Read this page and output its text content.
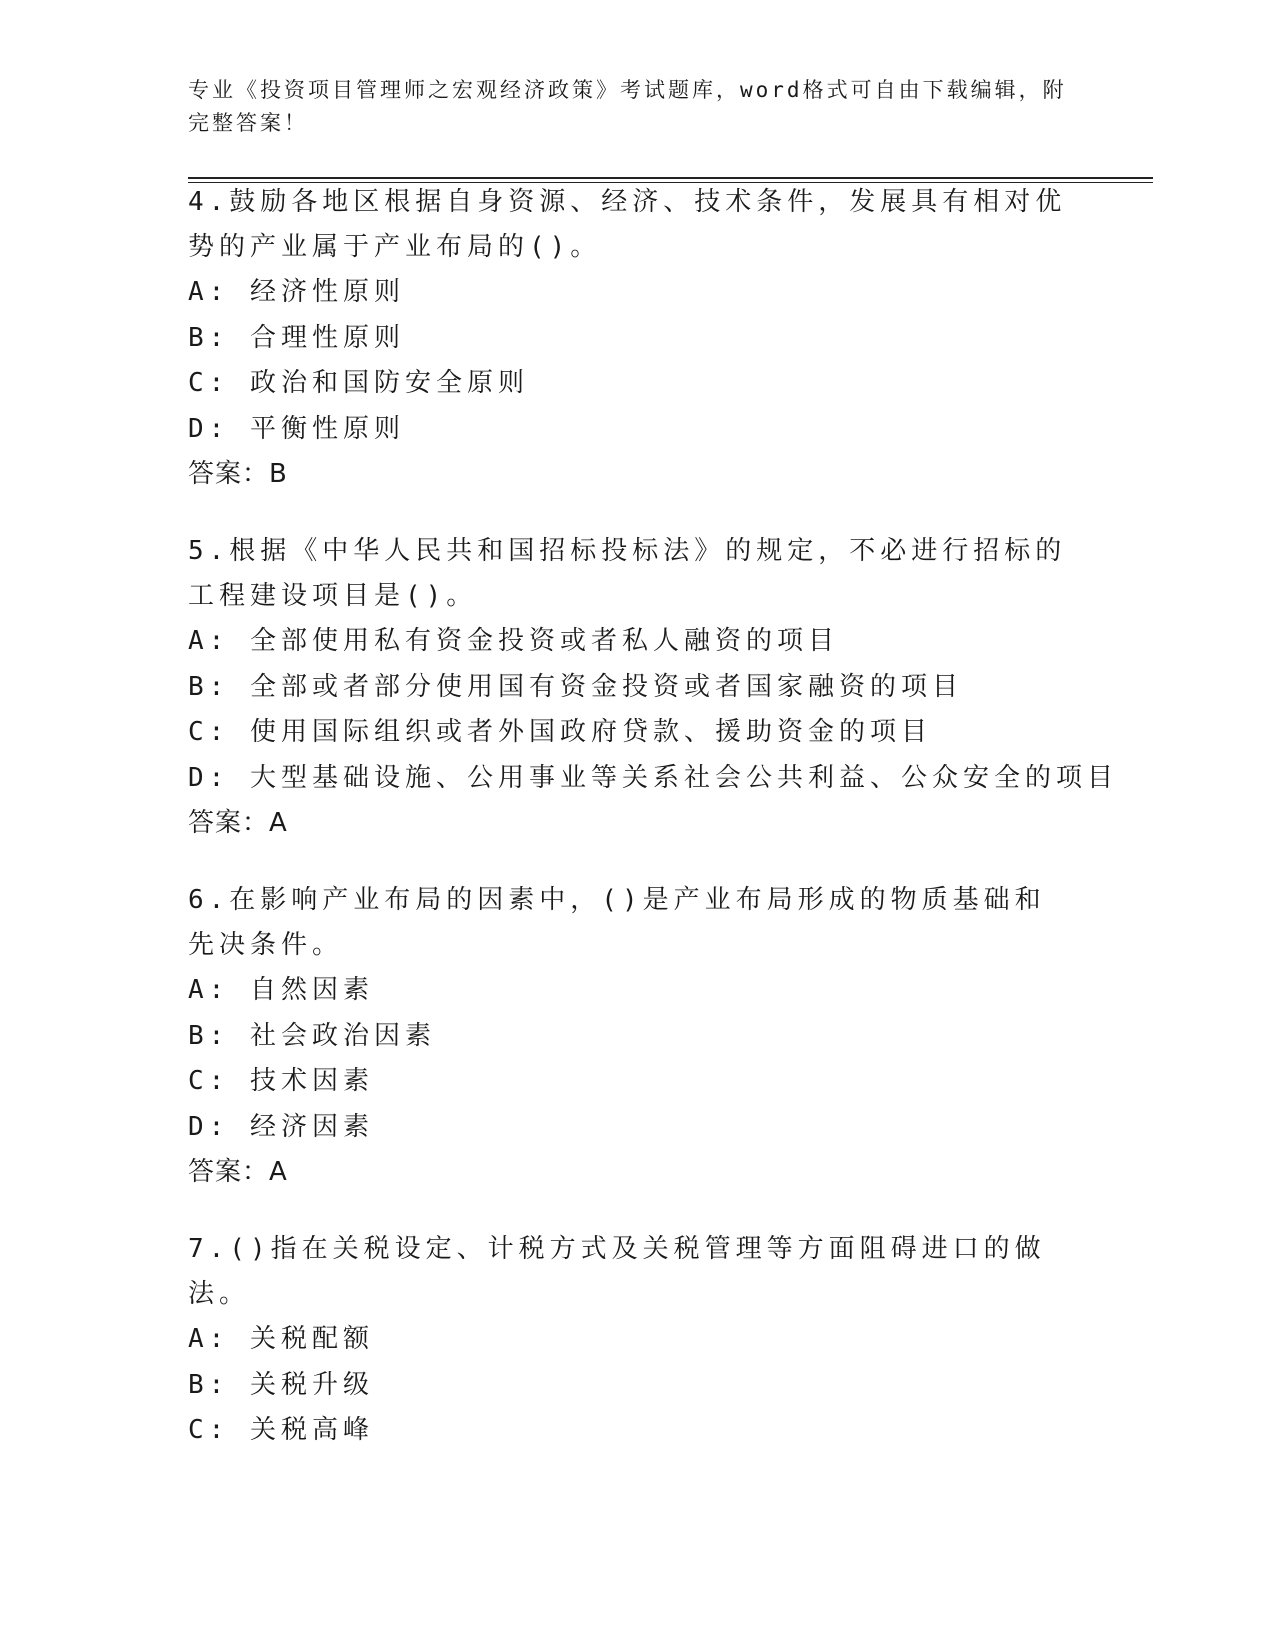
专业《投资项目管理师之宏观经济政策》考试题库，word格式可自由下载编辑，附完整答案！
4.鼓励各地区根据自身资源、经济、技术条件，发展具有相对优势的产业属于产业布局的()。
A: 经济性原则
B: 合理性原则
C: 政治和国防安全原则
D: 平衡性原则
答案：B
5.根据《中华人民共和国招标投标法》的规定，不必进行招标的工程建设项目是()。
A: 全部使用私有资金投资或者私人融资的项目
B: 全部或者部分使用国有资金投资或者国家融资的项目
C: 使用国际组织或者外国政府贷款、援助资金的项目
D: 大型基础设施、公用事业等关系社会公共利益、公众安全的项目
答案：A
6.在影响产业布局的因素中，()是产业布局形成的物质基础和先决条件。
A: 自然因素
B: 社会政治因素
C: 技术因素
D: 经济因素
答案：A
7.()指在关税设定、计税方式及关税管理等方面阻碍进口的做法。
A: 关税配额
B: 关税升级
C: 关税高峰
